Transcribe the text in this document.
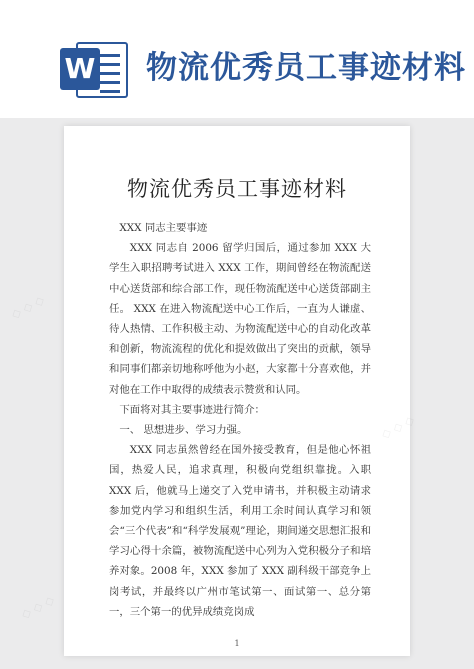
W 物流优秀员工事迹材料
物流优秀员工事迹材料

XXX 同志主要事迹

XXX 同志自 2006 留学归国后，通过参加 XXX 大学生入职招聘考试进入 XXX 工作，期间曾经在物流配送中心送货部和综合部工作，现任物流配送中心送货部副主任。 XXX 在进入物流配送中心工作后，一直为人谦虚、待人热情、工作积极主动、为物流配送中心的自动化改革和创新，物流流程的优化和提效做出了突出的贡献，领导和同事们都亲切地称呼他为小赵，大家都十分喜欢他，并对他在工作中取得的成绩表示赞赏和认同。

下面将对其主要事迹进行简介：

一、 思想进步、学习力强。

XXX 同志虽然曾经在国外接受教育，但是他心怀祖国，热爱人民，追求真理，积极向党组织靠拢。入职 XXX 后，他就马上递交了入党申请书，并积极主动请求参加党内学习和组织生活，利用工余时间认真学习和领会“三个代表”和“科学发展观”理论，期间递交思想汇报和学习心得十余篇，被物流配送中心列为入党积极分子和培养对象。2008 年，XXX 参加了 XXX 副科级干部竞争上岗考试，并最终以广州市笔试第一、面试第一、总分第一，三个第一的优异成绩竞岗成

1
◇ ◇ ◇
◇ ◇ ◇
